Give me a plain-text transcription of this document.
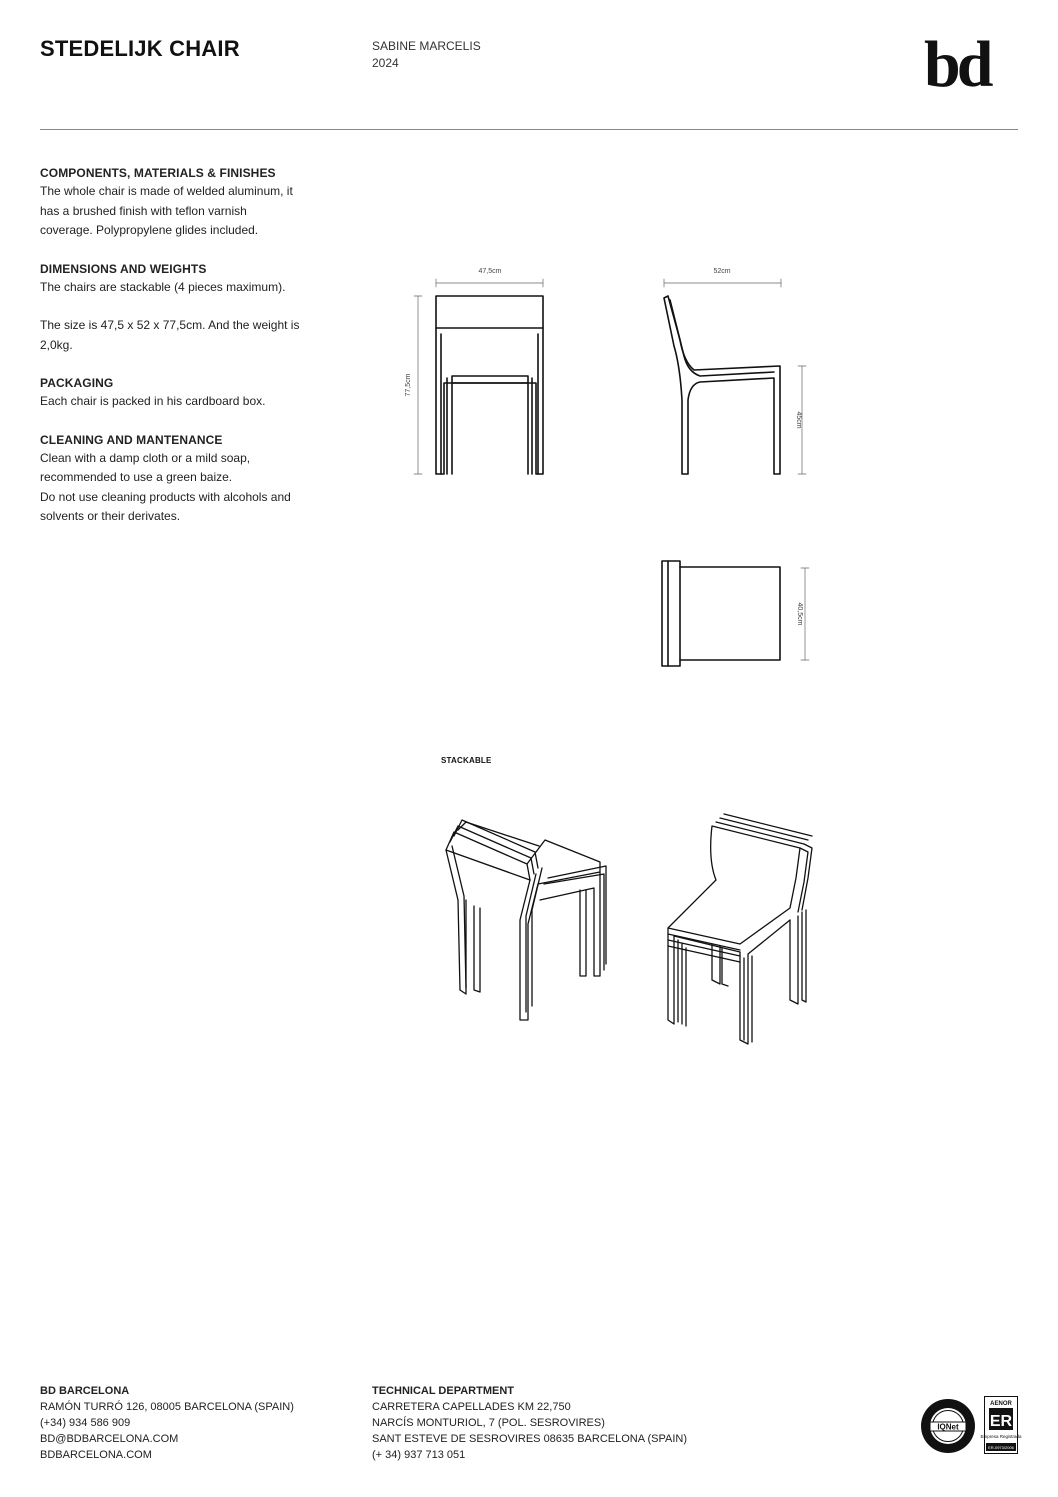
STEDELIJK CHAIR	SABINE MARCELIS
2024	bd
COMPONENTS, MATERIALS & FINISHES

The whole chair is made of welded aluminum, it has a brushed finish with teflon varnish coverage. Polypropylene glides included.

DIMENSIONS AND WEIGHTS

The chairs are stackable (4 pieces maximum).

The size is 47,5 x 52 x 77,5cm. And the weight is 2,0kg.

PACKAGING

Each chair is packed in his cardboard box.

CLEANING AND MANTENANCE

Clean with a damp cloth or a mild soap, recommended to use a green baize.

Do not use cleaning products with alcohols and solvents or their derivates.

47,5cm
77,5cm
52cm
45cm
40,5cm
STACKABLE
BD BARCELONA
RAMÓN TURRÓ 126, 08005 BARCELONA (SPAIN)
(+34) 934 586 909
BD@BDBARCELONA.COM
BDBARCELONA.COM
TECHNICAL DEPARTMENT
CARRETERA CAPELLADES KM 22,750
NARCÍS MONTURIOL, 7 (POL. SESROVIRES)
SANT ESTEVE DE SESROVIRES 08635 BARCELONA (SPAIN)
(+ 34) 937 713 051
IQNet
AENOR
ER
Empresa Registrada
ER-0973/2006
